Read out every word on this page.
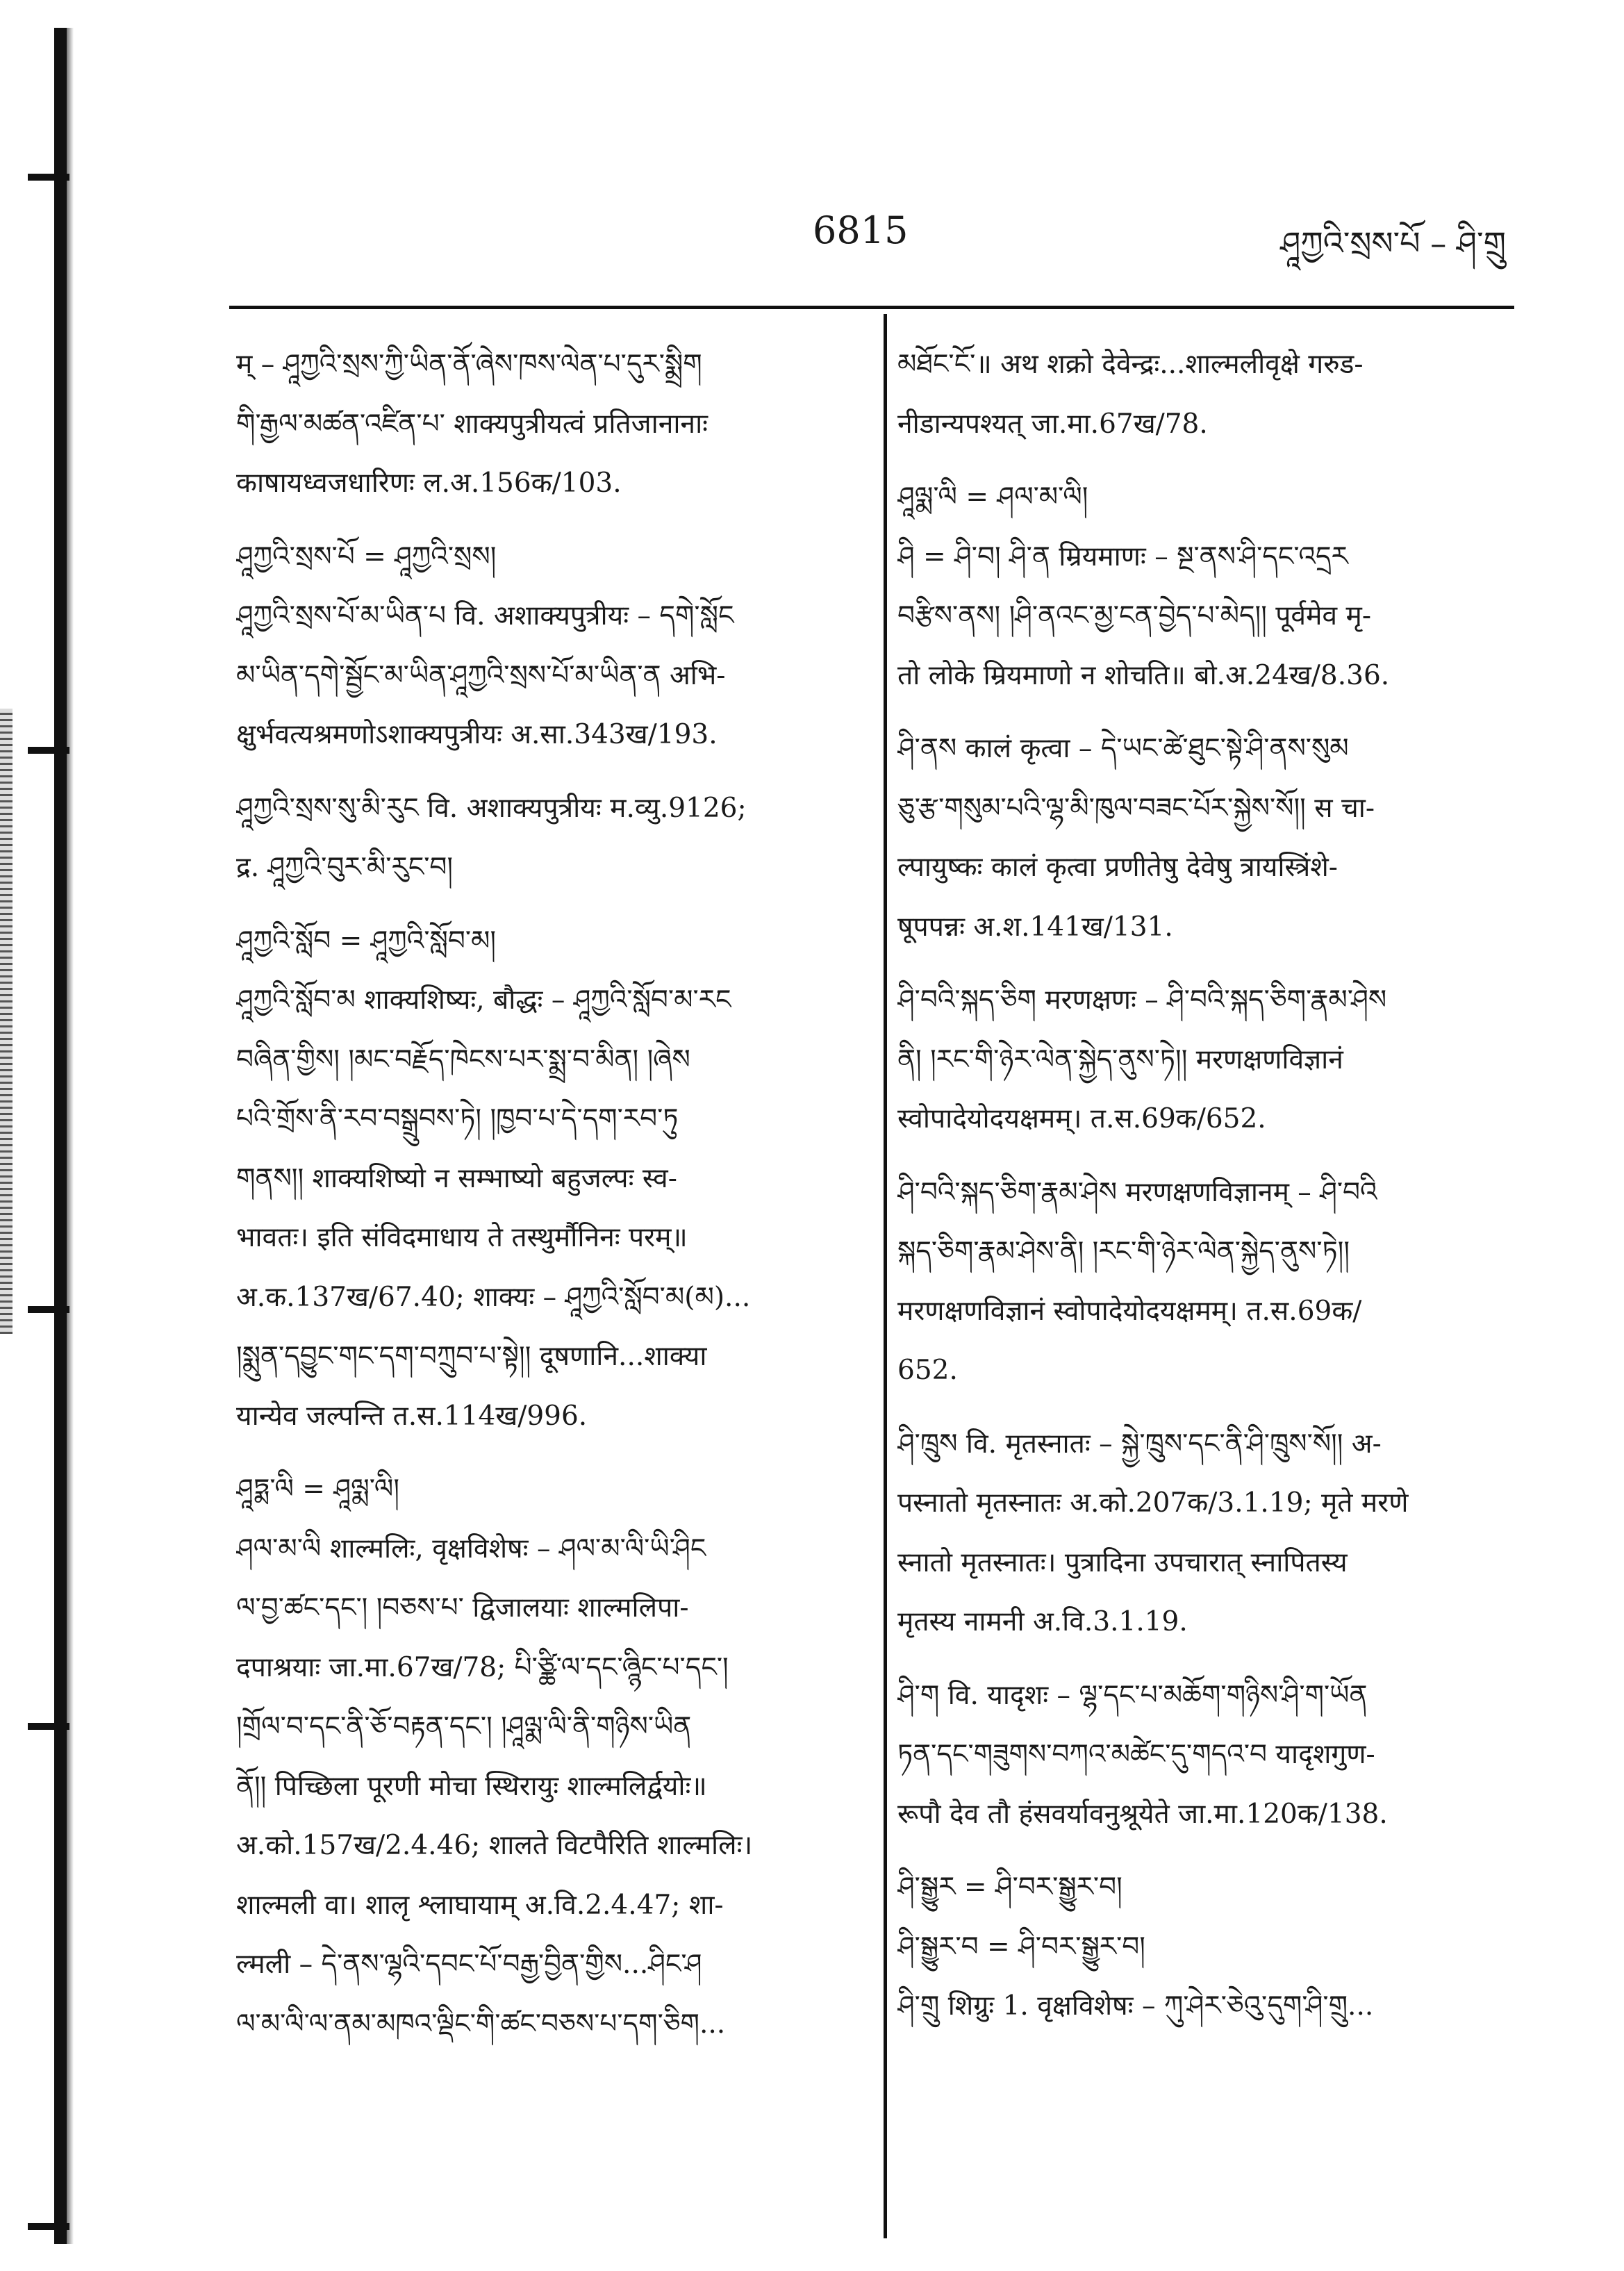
6815	ཤཱཀྱའི་སྲས་པོ – ཤི་གྲུ
म् – ཤཱཀྱའི་སྲས་ཀྱི་ཡིན་ནོ་ཞེས་ཁས་ལེན་པ་དུར་སྨྲིག
གི་རྒྱལ་མཚན་འཛིན་པ་ शाक्यपुत्रीयत्वं प्रतिजानानाः
काषायध्वजधारिणः ल.अ.156क/103.
ཤཱཀྱའི་སྲས་པོ = ཤཱཀྱའི་སྲས།
ཤཱཀྱའི་སྲས་པོ་མ་ཡིན་པ वि. अशाक्यपुत्रीयः – དགེ་སློང
མ་ཡིན་དགེ་སྦྱོང་མ་ཡིན་ཤཱཀྱའི་སྲས་པོ་མ་ཡིན་ན अभि-
क्षुर्भवत्यश्रमणोऽशाक्यपुत्रीयः अ.सा.343ख/193.
ཤཱཀྱའི་སྲས་སུ་མི་རུང वि. अशाक्यपुत्रीयः म.व्यु.9126;
द्र. ཤཱཀྱའི་བུར་མི་རུང་བ།
ཤཱཀྱའི་སློབ = ཤཱཀྱའི་སློབ་མ།
ཤཱཀྱའི་སློབ་མ शाक्यशिष्यः, बौद्धः – ཤཱཀྱའི་སློབ་མ་རང
བཞིན་གྱིས། །མང་བརྗོད་ཁེངས་པར་སྨྲ་བ་མིན། །ཞེས
པའི་གྲོས་ནི་རབ་བསྒྲུབས་ཏེ། །ཁྱབ་པ་དེ་དག་རབ་ཏུ
གནས།། शाक्यशिष्यो न सम्भाष्यो बहुजल्पः स्व-
भावतः। इति संविदमाधाय ते तस्थुर्मौनिनः परम्॥
अ.क.137ख/67.40; शाक्यः – ཤཱཀྱའི་སློབ་མ(མ)...
།སྨུན་དབྱུང་གང་དག་བཀྲུབ་པ་སྟེ།། दूषणानि...शाक्या
यान्येव जल्पन्ति त.स.114ख/996.
ཤཱཏྨ་ལི = ཤཱལྨ་ལི།
ཤལ་མ་ལི शाल्मलिः, वृक्षविशेषः – ཤལ་མ་ལི་ཡི་ཤིང
ལ་བྱ་ཚང་དང་། །བཅས་པ་ द्विजालयाः शाल्मलिपा-
दपाश्रयाः जा.मा.67ख/78; པི་ཙྪི་ལ་དང་ཞྙིང་པ་དང་།
།གྲོལ་བ་དང་ནི་ཅོ་བརྟན་དང་། །ཤཱལྨ་ལི་ནི་གཉིས་ཡིན
ནོ།། पिच्छिला पूरणी मोचा स्थिरायुः शाल्मलिर्द्वयोः॥
अ.को.157ख/2.4.46; शालते विटपैरिति शाल्मलिः।
शाल्मली वा। शालृ श्लाघायाम् अ.वि.2.4.47; शा-
ल्मली – དེ་ནས་ལྷའི་དབང་པོ་བརྒྱ་བྱིན་གྱིས...ཤིང་ཤ
ལ་མ་ལི་ལ་ནམ་མཁའ་ལྡིང་གི་ཚང་བཅས་པ་དག་ཅིག...
མཐོང་ངོ་॥ अथ शक्रो देवेन्द्रः...शाल्मलीवृक्षे गरुड-
नीडान्यपश्यत् जा.मा.67ख/78.
ཤཱལྨ་ལི = ཤལ་མ་ལི།
ཤི = ཤི་བ། ཤི་ན म्रियमाणः – སྔ་ནས་ཤི་དང་འདྲར
བརྩིས་ནས། །ཤི་ནའང་མྱ་ངན་བྱེད་པ་མེད།། पूर्वमेव मृ-
तो लोके म्रियमाणो न शोचति॥ बो.अ.24ख/8.36.
ཤི་ནས कालं कृत्वा – དེ་ཡང་ཚེ་ཐུང་སྟེ་ཤི་ནས་སུམ
ཅུ་རྩ་གསུམ་པའི་ལྷ་མི་ཁུལ་བཟང་པོར་སྐྱེས་སོ།། स चा-
ल्पायुष्कः कालं कृत्वा प्रणीतेषु देवेषु त्रायस्त्रिंशे-
षूपपन्नः अ.श.141ख/131.
ཤི་བའི་སྐད་ཅིག मरणक्षणः – ཤི་བའི་སྐད་ཅིག་རྣམ་ཤེས
ནི། །རང་གི་ཉེར་ལེན་སྐྱེད་ནུས་ཏེ།། मरणक्षणविज्ञानं
स्वोपादेयोदयक्षमम्। त.स.69क/652.
ཤི་བའི་སྐད་ཅིག་རྣམ་ཤེས मरणक्षणविज्ञानम् – ཤི་བའི
སྐད་ཅིག་རྣམ་ཤེས་ནི། །རང་གི་ཉེར་ལེན་སྐྱེད་ནུས་ཏེ།།
मरणक्षणविज्ञानं स्वोपादेयोदयक्षमम्। त.स.69क/
652.
ཤི་ཁྲུས वि. मृतस्नातः – སྐྱེ་ཁྲུས་དང་ནི་ཤི་ཁྲུས་སོ།། अ-
पस्नातो मृतस्नातः अ.को.207क/3.1.19; मृते मरणे
स्नातो मृतस्नातः। पुत्रादिना उपचारात् स्नापितस्य
मृतस्य नामनी अ.वि.3.1.19.
ཤི་ག वि. यादृशः – ལྷ་དང་པ་མཆོག་གཉིས་ཤི་ག་ཡོན
ཏན་དང་གཟུགས་བཀའ་མཚེང་དུ་གདའ་བ यादृशगुण-
रूपौ देव तौ हंसवर्यावनुश्रूयेते जा.मा.120क/138.
ཤི་སྒྱུར = ཤི་བར་སྒྱུར་བ།
ཤི་སྒྱུར་བ = ཤི་བར་སྒྱུར་བ།
ཤི་གྲུ शिग्रुः 1. वृक्षविशेषः – ཀུ་ཤེར་ཅེའུ་དུག་ཤི་གྲུ...
